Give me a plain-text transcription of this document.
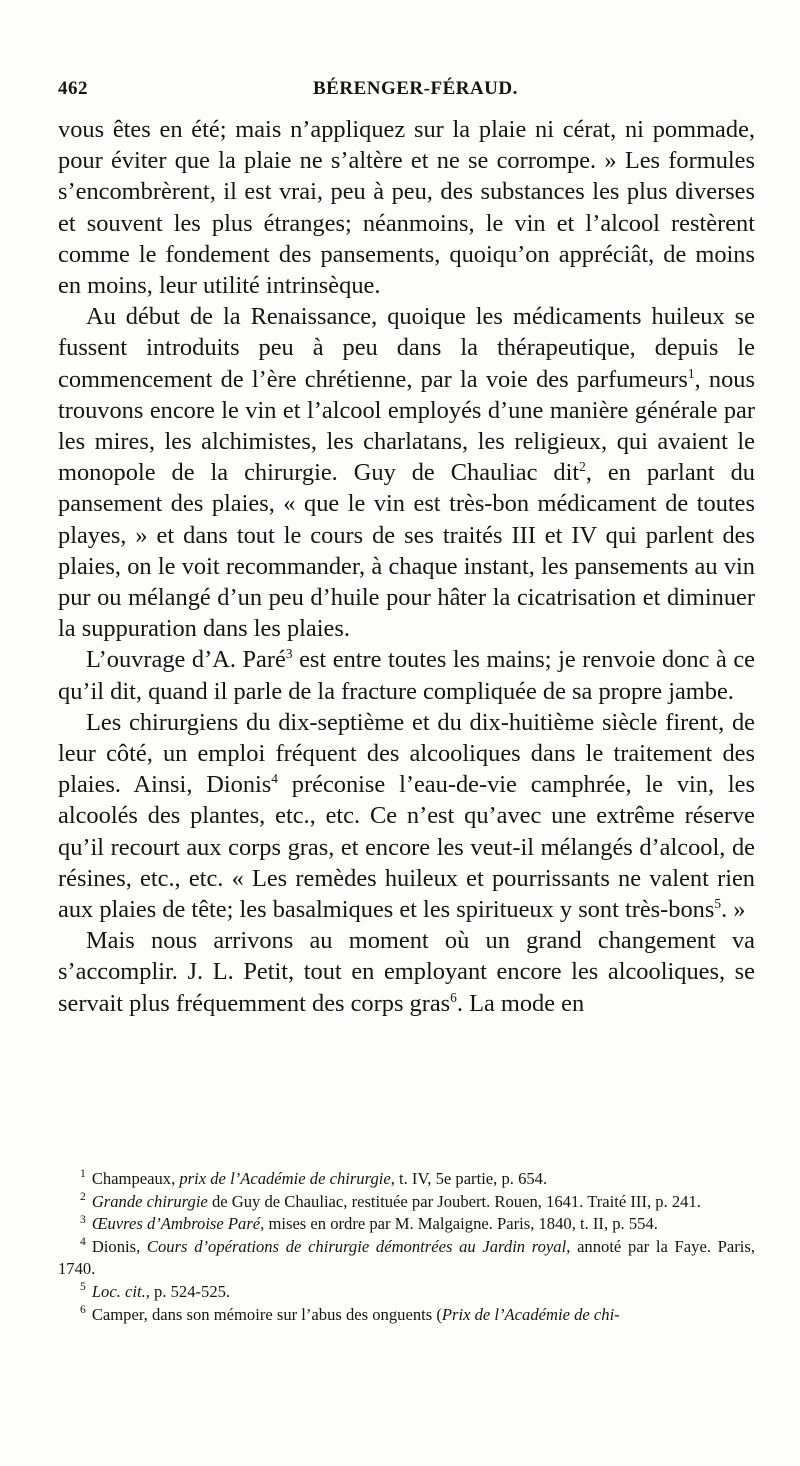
462	BÉRENGER-FÉRAUD.

vous êtes en été; mais n’appliquez sur la plaie ni cérat, ni pommade, pour éviter que la plaie ne s’altère et ne se corrompe. » Les formules s’encombrèrent, il est vrai, peu à peu, des substances les plus diverses et souvent les plus étranges; néanmoins, le vin et l’alcool restèrent comme le fondement des pansements, quoiqu’on appréciât, de moins en moins, leur utilité intrinsèque.

Au début de la Renaissance, quoique les médicaments huileux se fussent introduits peu à peu dans la thérapeutique, depuis le commencement de l’ère chrétienne, par la voie des parfumeurs$^1$, nous trouvons encore le vin et l’alcool employés d’une manière générale par les mires, les alchimistes, les charlatans, les religieux, qui avaient le monopole de la chirurgie. Guy de Chauliac dit$^2$, en parlant du pansement des plaies, « que le vin est très-bon médicament de toutes playes, » et dans tout le cours de ses traités III et IV qui parlent des plaies, on le voit recommander, à chaque instant, les pansements au vin pur ou mélangé d’un peu d’huile pour hâter la cicatrisation et diminuer la suppuration dans les plaies.

L’ouvrage d’A. Paré$^3$ est entre toutes les mains; je renvoie donc à ce qu’il dit, quand il parle de la fracture compliquée de sa propre jambe.

Les chirurgiens du dix-septième et du dix-huitième siècle firent, de leur côté, un emploi fréquent des alcooliques dans le traitement des plaies. Ainsi, Dionis$^4$ préconise l’eau-de-vie camphrée, le vin, les alcoolés des plantes, etc., etc. Ce n’est qu’avec une extrême réserve qu’il recourt aux corps gras, et encore les veut-il mélangés d’alcool, de résines, etc., etc. « Les remèdes huileux et pourrissants ne valent rien aux plaies de tête; les basalmiques et les spiritueux y sont très-bons$^5$. »

Mais nous arrivons au moment où un grand changement va s’accomplir. J. L. Petit, tout en employant encore les alcooliques, se servait plus fréquemment des corps gras$^6$. La mode en

$^1$ Champeaux, prix de l’Académie de chirurgie, t. IV, 5e partie, p. 654.

$^2$ Grande chirurgie de Guy de Chauliac, restituée par Joubert. Rouen, 1641. Traité III, p. 241.

$^3$ Œuvres d’Ambroise Paré, mises en ordre par M. Malgaigne. Paris, 1840, t. II, p. 554.

$^4$ Dionis, Cours d’opérations de chirurgie démontrées au Jardin royal, annoté par la Faye. Paris, 1740.

$^5$ Loc. cit., p. 524-525.

$^6$ Camper, dans son mémoire sur l’abus des onguents (Prix de l’Académie de chi-
